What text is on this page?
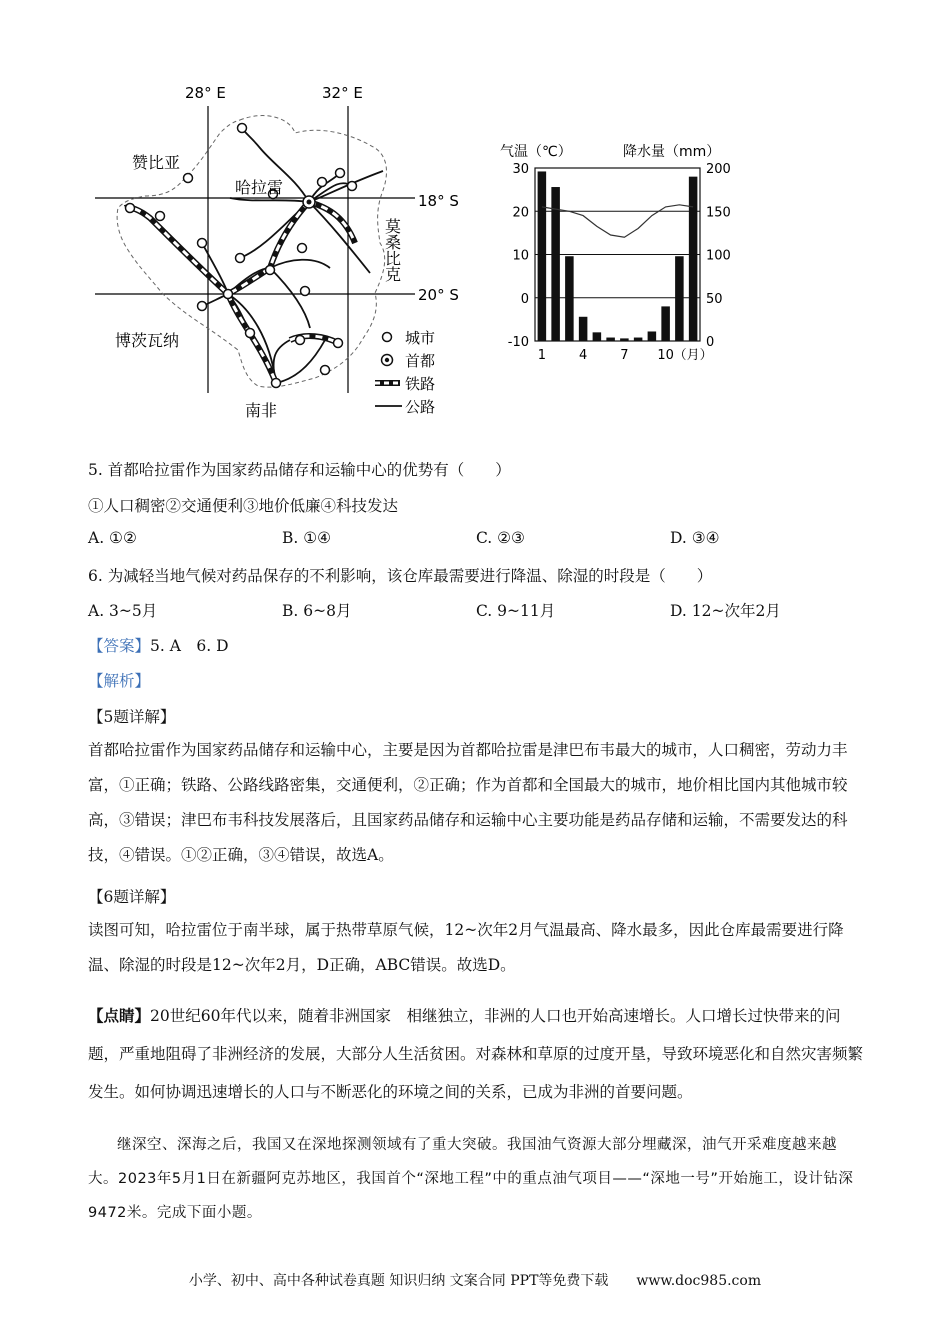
28° E	32° E
18° S
20° S
哈拉雷
赞比亚
博茨瓦纳
南非
莫桑比克
城市
首都
铁路
公路
气温（℃）	降水量（mm）
30
20
10
0
-10
200
150
100
50
0
1	4	7 10 （月）
5. 首都哈拉雷作为国家药品储存和运输中心的优势有（　　）
①人口稠密②交通便利③地价低廉④科技发达
A. ①②	B. ①④	C. ②③	D. ③④
6. 为减轻当地气候对药品保存的不利影响，该仓库最需要进行降温、除湿的时段是（　　）
A. 3~5月	B. 6~8月	C. 9~11月	D. 12~次年2月
【答案】5. A　6. D
【解析】
【5题详解】
首都哈拉雷作为国家药品储存和运输中心，主要是因为首都哈拉雷是津巴布韦最大的城市，人口稠密，劳动力丰富，①正确；铁路、公路线路密集，交通便利，②正确；作为首都和全国最大的城市，地价相比国内其他城市较高，③错误；津巴布韦科技发展落后，且国家药品储存和运输中心主要功能是药品存储和运输，不需要发达的科技，④错误。①②正确，③④错误，故选A。
【6题详解】
读图可知，哈拉雷位于南半球，属于热带草原气候，12~次年2月气温最高、降水最多，因此仓库最需要进行降温、除湿的时段是12~次年2月，D正确，ABC错误。故选D。
【点睛】20世纪60年代以来，随着非洲国家　相继独立，非洲的人口也开始高速增长。人口增长过快带来的问题，严重地阻碍了非洲经济的发展，大部分人生活贫困。对森林和草原的过度开垦，导致环境恶化和自然灾害频繁发生。如何协调迅速增长的人口与不断恶化的环境之间的关系，已成为非洲的首要问题。
继深空、深海之后，我国又在深地探测领域有了重大突破。我国油气资源大部分埋藏深，油气开采难度越来越大。2023年5月1日在新疆阿克苏地区，我国首个“深地工程”中的重点油气项目——“深地一号”开始施工，设计钻深9472米。完成下面小题。
小学、初中、高中各种试卷真题 知识归纳 文案合同 PPT等免费下载　　www.doc985.com
